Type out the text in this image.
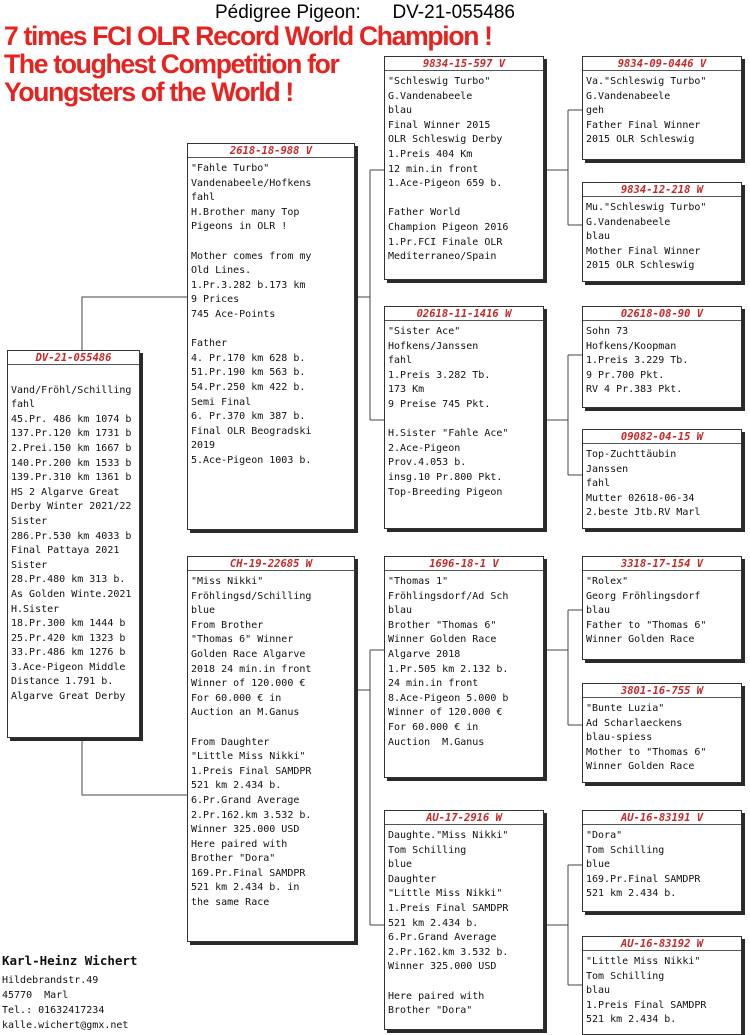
Pédigree Pigeon:      DV-21-055486
7 times FCI OLR Record World Champion !
The toughest Competition for
Youngsters of the World !
DV-21-055486

Vand/Fröhl/Schilling
fahl
45.Pr. 486 km 1074 b
137.Pr.120 km 1731 b
2.Prei.150 km 1667 b
140.Pr.200 km 1533 b
139.Pr.310 km 1361 b
HS 2 Algarve Great
Derby Winter 2021/22
Sister
286.Pr.530 km 4033 b
Final Pattaya 2021
Sister
28.Pr.480 km 313 b.
As Golden Winte.2021
H.Sister
18.Pr.300 km 1444 b
25.Pr.420 km 1323 b
33.Pr.486 km 1276 b
3.Ace-Pigeon Middle
Distance 1.791 b.
Algarve Great Derby
2618-18-988 V
"Fahle Turbo"
Vandenabeele/Hofkens
fahl
H.Brother many Top
Pigeons in OLR !

Mother comes from my
Old Lines.
1.Pr.3.282 b.173 km
9 Prices
745 Ace-Points

Father
4. Pr.170 km 628 b.
51.Pr.190 km 563 b.
54.Pr.250 km 422 b.
Semi Final
6. Pr.370 km 387 b.
Final OLR Beogradski
2019
5.Ace-Pigeon 1003 b.
CH-19-22685 W
"Miss Nikki"
Fröhlingsd/Schilling
blue
From Brother
"Thomas 6" Winner
Golden Race Algarve
2018 24 min.in front
Winner of 120.000 €
For 60.000 € in
Auction an M.Ganus

From Daughter
"Little Miss Nikki"
1.Preis Final SAMDPR
521 km 2.434 b.
6.Pr.Grand Average
2.Pr.162.km 3.532 b.
Winner 325.000 USD
Here paired with
Brother "Dora"
169.Pr.Final SAMDPR
521 km 2.434 b. in
the same Race
9834-15-597 V
"Schleswig Turbo"
G.Vandenabeele
blau
Final Winner 2015
OLR Schleswig Derby
1.Preis 404 Km
12 min.in front
1.Ace-Pigeon 659 b.

Father World
Champion Pigeon 2016
1.Pr.FCI Finale OLR
Mediterraneo/Spain
02618-11-1416 W
"Sister Ace"
Hofkens/Janssen
fahl
1.Preis 3.282 Tb.
173 Km
9 Preise 745 Pkt.

H.Sister "Fahle Ace"
2.Ace-Pigeon
Prov.4.053 b.
insg.10 Pr.800 Pkt.
Top-Breeding Pigeon
1696-18-1 V
"Thomas 1"
Fröhlingsdorf/Ad Sch
blau
Brother "Thomas 6"
Winner Golden Race
Algarve 2018
1.Pr.505 km 2.132 b.
24 min.in front
8.Ace-Pigeon 5.000 b
Winner of 120.000 €
For 60.000 € in
Auction  M.Ganus
AU-17-2916 W
Daughte."Miss Nikki"
Tom Schilling
blue
Daughter
"Little Miss Nikki"
1.Preis Final SAMDPR
521 km 2.434 b.
6.Pr.Grand Average
2.Pr.162.km 3.532 b.
Winner 325.000 USD

Here paired with
Brother "Dora"
9834-09-0446 V
Va."Schleswig Turbo"
G.Vandenabeele
geh
Father Final Winner
2015 OLR Schleswig
9834-12-218 W
Mu."Schleswig Turbo"
G.Vandenabeele
blau
Mother Final Winner
2015 OLR Schleswig
02618-08-90 V
Sohn 73
Hofkens/Koopman
1.Preis 3.229 Tb.
9 Pr.700 Pkt.
RV 4 Pr.383 Pkt.
09082-04-15 W
Top-Zuchttäubin
Janssen
fahl
Mutter 02618-06-34
2.beste Jtb.RV Marl
3318-17-154 V
"Rolex"
Georg Fröhlingsdorf
blau
Father to "Thomas 6"
Winner Golden Race
3801-16-755 W
"Bunte Luzia"
Ad Scharlaeckens
blau-spiess
Mother to "Thomas 6"
Winner Golden Race
AU-16-83191 V
"Dora"
Tom Schilling
blue
169.Pr.Final SAMDPR
521 km 2.434 b.
AU-16-83192 W
"Little Miss Nikki"
Tom Schilling
blau
1.Preis Final SAMDPR
521 km 2.434 b.
Karl-Heinz Wichert
Hildebrandstr.49
45770  Marl
Tel.: 01632417234
kalle.wichert@gmx.net
